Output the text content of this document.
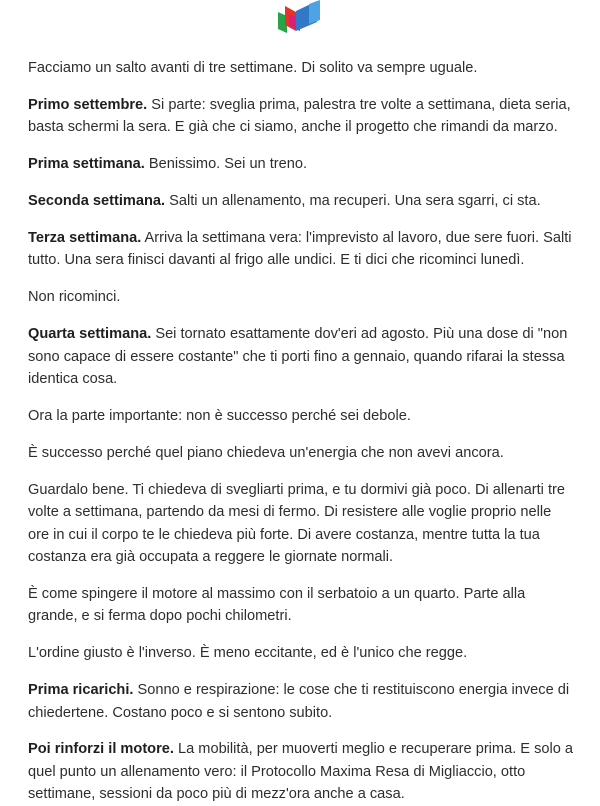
Facciamo un salto avanti di tre settimane. Di solito va sempre uguale.

Primo settembre. Si parte: sveglia prima, palestra tre volte a settimana, dieta seria, basta schermi la sera. E già che ci siamo, anche il progetto che rimandi da marzo.

Prima settimana. Benissimo. Sei un treno.

Seconda settimana. Salti un allenamento, ma recuperi. Una sera sgarri, ci sta.

Terza settimana. Arriva la settimana vera: l'imprevisto al lavoro, due sere fuori. Salti tutto. Una sera finisci davanti al frigo alle undici. E ti dici che ricominci lunedì.

Non ricominci.

Quarta settimana. Sei tornato esattamente dov'eri ad agosto. Più una dose di "non sono capace di essere costante" che ti porti fino a gennaio, quando rifarai la stessa identica cosa.

Ora la parte importante: non è successo perché sei debole.

È successo perché quel piano chiedeva un'energia che non avevi ancora.

Guardalo bene. Ti chiedeva di svegliarti prima, e tu dormivi già poco. Di allenarti tre volte a settimana, partendo da mesi di fermo. Di resistere alle voglie proprio nelle ore in cui il corpo te le chiedeva più forte. Di avere costanza, mentre tutta la tua costanza era già occupata a reggere le giornate normali.

È come spingere il motore al massimo con il serbatoio a un quarto. Parte alla grande, e si ferma dopo pochi chilometri.

L'ordine giusto è l'inverso. È meno eccitante, ed è l'unico che regge.

Prima ricarichi. Sonno e respirazione: le cose che ti restituiscono energia invece di chiedertene. Costano poco e si sentono subito.

Poi rinforzi il motore. La mobilità, per muoverti meglio e recuperare prima. E solo a quel punto un allenamento vero: il Protocollo Maxima Resa di Migliaccio, otto settimane, sessioni da poco più di mezz'ora anche a casa.
